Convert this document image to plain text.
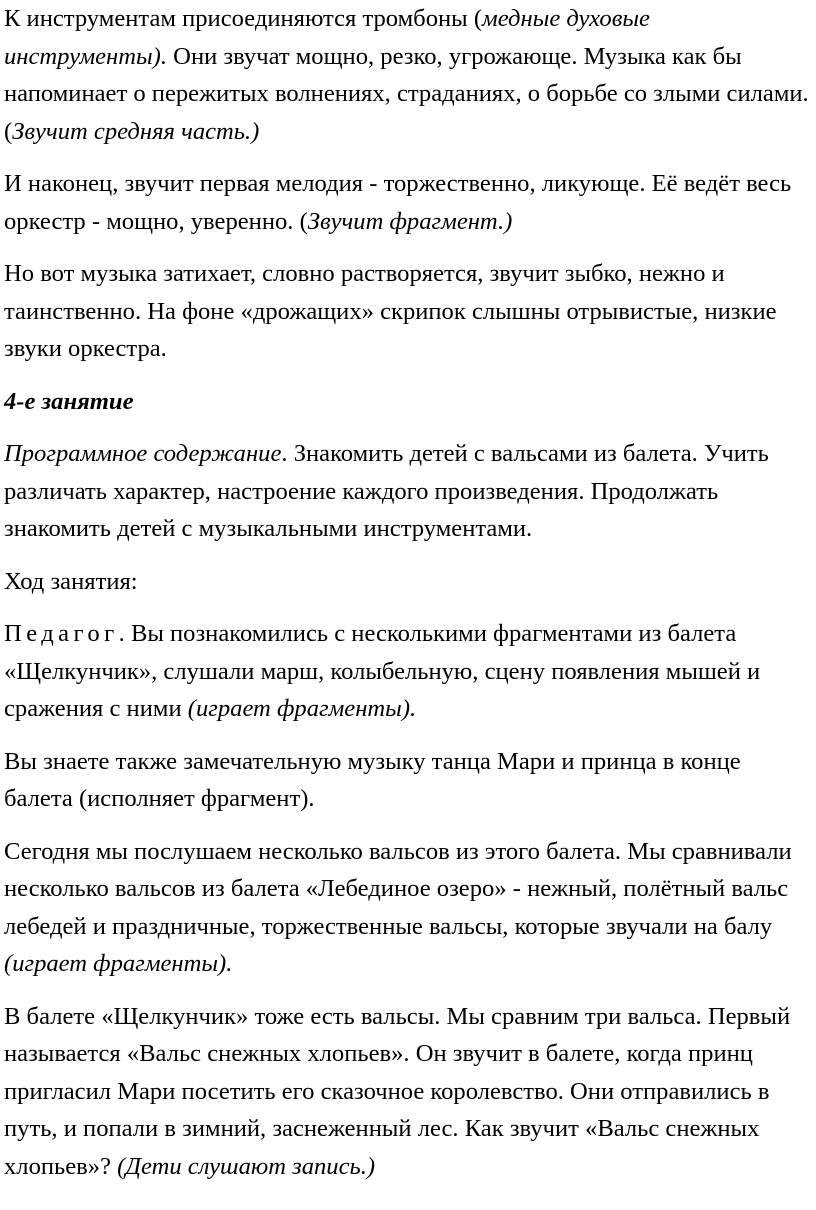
К инструментам присоединяются тромбоны (медные духовые инструменты). Они звучат мощно, резко, угрожающе. Музыка как бы напоминает о пережитых волнениях, страданиях, о борьбе со злыми силами. (Звучит средняя часть.)

И наконец, звучит первая мелодия - торжественно, ликующе. Её ведёт весь оркестр - мощно, уверенно. (Звучит фрагмент.)

Но вот музыка затихает, словно растворяется, звучит зыбко, нежно и таинственно. На фоне «дрожащих» скрипок слышны отрывистые, низкие звуки оркестра.

4-е занятие

Программное содержание. Знакомить детей с вальсами из балета. Учить различать характер, настроение каждого произведения. Продолжать знакомить детей с музыкальными инструментами.

Ход занятия:

Педагог. Вы познакомились с несколькими фрагментами из балета «Щелкунчик», слушали марш, колыбельную, сцену появления мышей и сражения с ними (играет фрагменты).

Вы знаете также замечательную музыку танца Мари и принца в конце балета (исполняет фрагмент).

Сегодня мы послушаем несколько вальсов из этого балета. Мы сравнивали несколько вальсов из балета «Лебединое озеро» - нежный, полётный вальс лебедей и праздничные, торжественные вальсы, которые звучали на балу (играет фрагменты).

В балете «Щелкунчик» тоже есть вальсы. Мы сравним три вальса. Первый называется «Вальс снежных хлопьев». Он звучит в балете, когда принц пригласил Мари посетить его сказочное королевство. Они отправились в путь, и попали в зимний, заснеженный лес. Как звучит «Вальс снежных хлопьев»? (Дети слушают запись.)
